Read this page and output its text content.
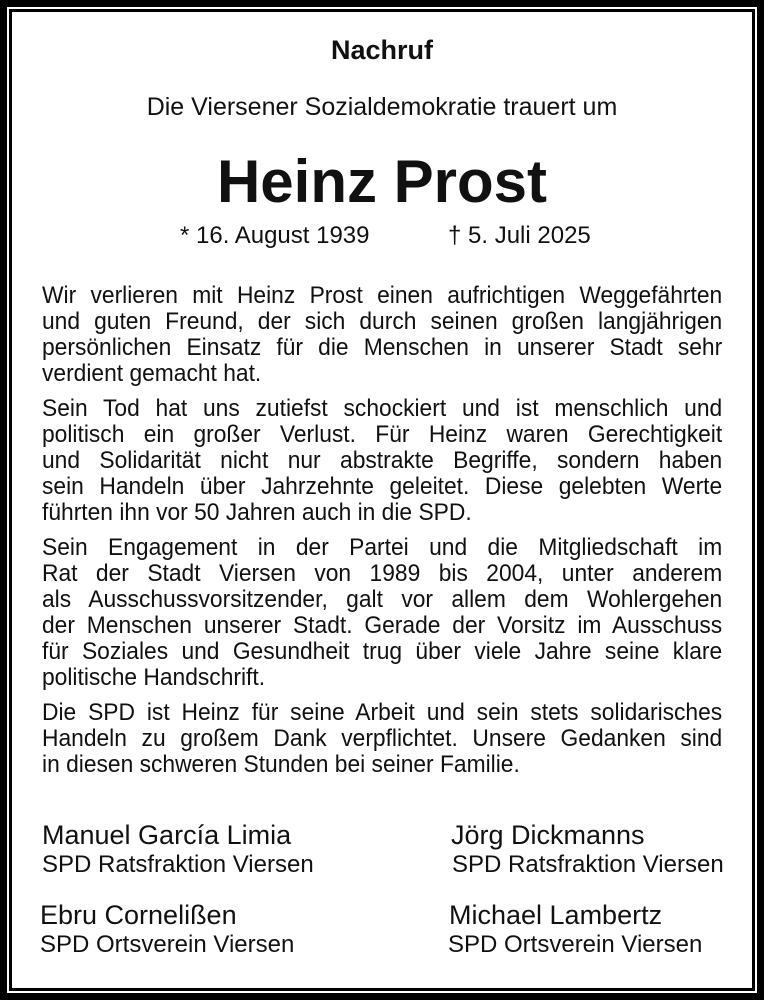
Nachruf
Die Viersener Sozialdemokratie trauert um
Heinz Prost
* 16. August 1939	† 5. Juli 2025
Wir verlieren mit Heinz Prost einen aufrichtigen Weggefährten
und guten Freund, der sich durch seinen großen langjährigen
persönlichen Einsatz für die Menschen in unserer Stadt sehr
verdient gemacht hat.
Sein Tod hat uns zutiefst schockiert und ist menschlich und
politisch ein großer Verlust. Für Heinz waren Gerechtigkeit
und Solidarität nicht nur abstrakte Begriffe, sondern haben
sein Handeln über Jahrzehnte geleitet. Diese gelebten Werte
führten ihn vor 50 Jahren auch in die SPD.
Sein Engagement in der Partei und die Mitgliedschaft im
Rat der Stadt Viersen von 1989 bis 2004, unter anderem
als Ausschussvorsitzender, galt vor allem dem Wohlergehen
der Menschen unserer Stadt. Gerade der Vorsitz im Ausschuss
für Soziales und Gesundheit trug über viele Jahre seine klare
politische Handschrift.
Die SPD ist Heinz für seine Arbeit und sein stets solidarisches
Handeln zu großem Dank verpflichtet. Unsere Gedanken sind
in diesen schweren Stunden bei seiner Familie.
Manuel García Limia
SPD Ratsfraktion Viersen
Jörg Dickmanns
SPD Ratsfraktion Viersen
Ebru Cornelißen
SPD Ortsverein Viersen
Michael Lambertz
SPD Ortsverein Viersen
